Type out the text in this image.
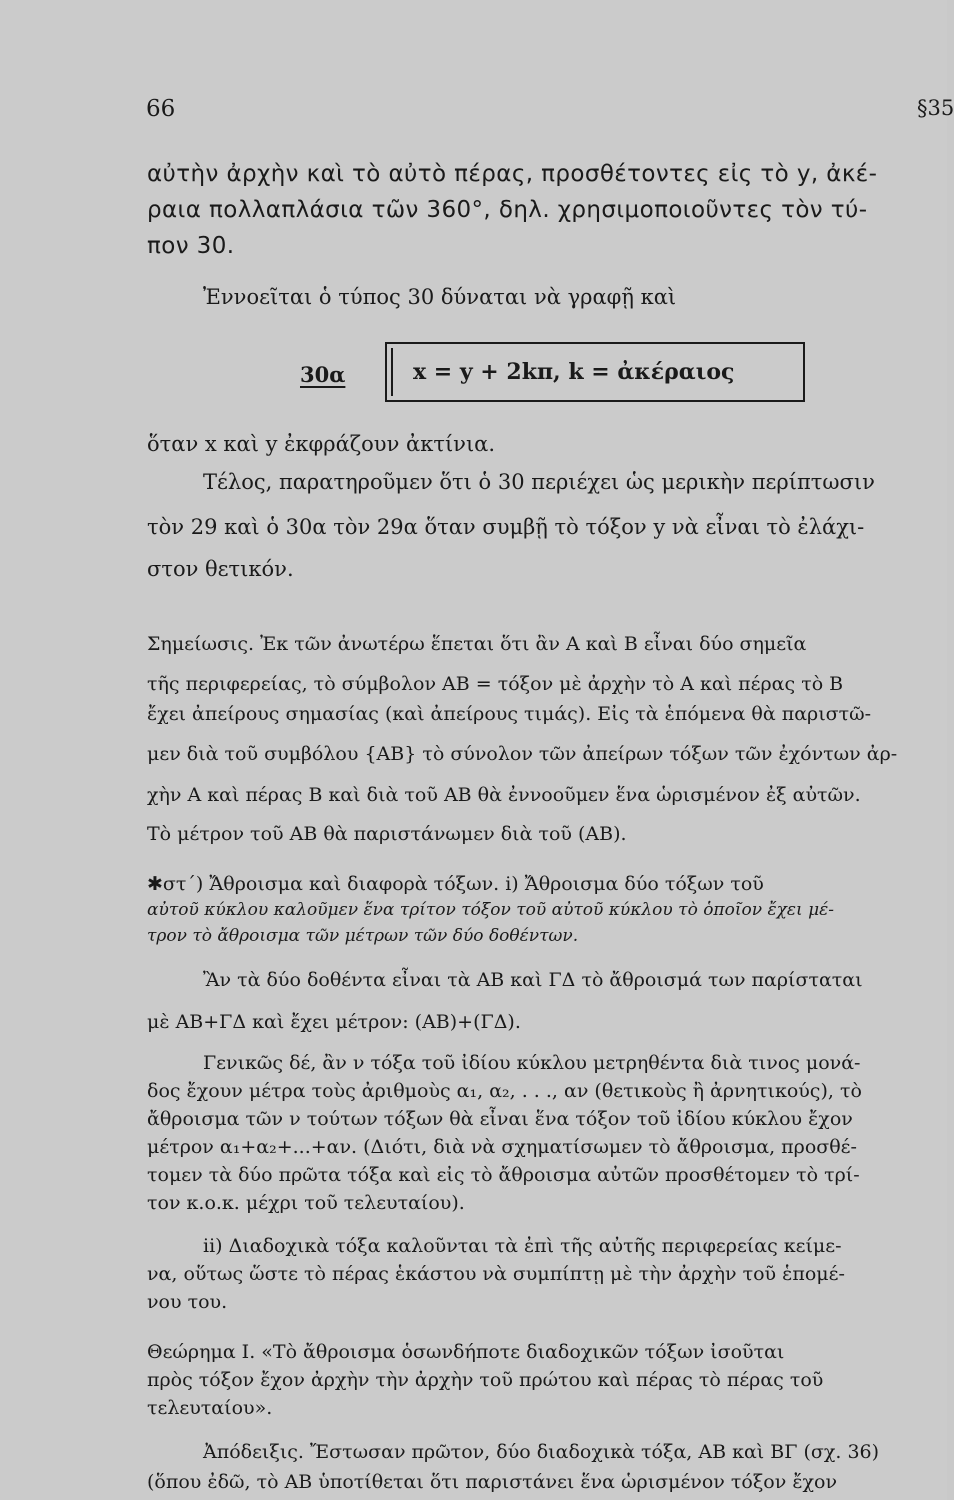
66	§35
αὐτὴν ἀρχὴν καὶ τὸ αὐτὸ πέρας, προσθέτοντες εἰς τὸ y, ἀκέ-
ραια πολλαπλάσια τῶν 360°, δηλ. χρησιμοποιοῦντες τὸν τύ-
πον 30.
Ἐννοεῖται ὁ τύπος 30 δύναται νὰ γραφῇ καὶ
30α	x = y + 2kπ, k = ἀκέραιος
ὅταν x καὶ y ἐκφράζουν ἀκτίνια.
Τέλος, παρατηροῦμεν ὅτι ὁ 30 περιέχει ὡς μερικὴν περίπτωσιν
τὸν 29 καὶ ὁ 30α τὸν 29α ὅταν συμβῇ τὸ τόξον y νὰ εἶναι τὸ ἐλάχι-
στον θετικόν.
Σημείωσις. Ἐκ τῶν ἀνωτέρω ἕπεται ὅτι ἂν Α καὶ Β εἶναι δύο σημεῖα
τῆς περιφερείας, τὸ σύμβολον ΑΒ = τόξον μὲ ἀρχὴν τὸ Α καὶ πέρας τὸ Β
ἔχει ἀπείρους σημασίας (καὶ ἀπείρους τιμάς). Εἰς τὰ ἑπόμενα θὰ παριστῶ-
μεν διὰ τοῦ συμβόλου {ΑΒ} τὸ σύνολον τῶν ἀπείρων τόξων τῶν ἐχόντων ἀρ-
χὴν Α καὶ πέρας Β καὶ διὰ τοῦ ΑΒ θὰ ἐννοοῦμεν ἕνα ὡρισμένον ἐξ αὐτῶν.
Τὸ μέτρον τοῦ ΑΒ θὰ παριστάνωμεν διὰ τοῦ (ΑΒ).
✱στ΄) Ἄθροισμα καὶ διαφορὰ τόξων. i) Ἄθροισμα δύο τόξων τοῦ
αὐτοῦ κύκλου καλοῦμεν ἕνα τρίτον τόξον τοῦ αὐτοῦ κύκλου τὸ ὁποῖον ἔχει μέ-
τρον τὸ ἄθροισμα τῶν μέτρων τῶν δύο δοθέντων.
Ἂν τὰ δύο δοθέντα εἶναι τὰ ΑΒ καὶ ΓΔ τὸ ἄθροισμά των παρίσταται
μὲ ΑΒ+ΓΔ καὶ ἔχει μέτρον: (ΑΒ)+(ΓΔ).
Γενικῶς δέ, ἂν ν τόξα τοῦ ἰδίου κύκλου μετρηθέντα διὰ τινος μονά-
δος ἔχουν μέτρα τοὺς ἀριθμοὺς α₁, α₂, . . ., αν (θετικοὺς ἢ ἀρνητικούς), τὸ
ἄθροισμα τῶν ν τούτων τόξων θὰ εἶναι ἕνα τόξον τοῦ ἰδίου κύκλου ἔχον
μέτρον α₁+α₂+...+αν. (Διότι, διὰ νὰ σχηματίσωμεν τὸ ἄθροισμα, προσθέ-
τομεν τὰ δύο πρῶτα τόξα καὶ εἰς τὸ ἄθροισμα αὐτῶν προσθέτομεν τὸ τρί-
τον κ.ο.κ. μέχρι τοῦ τελευταίου).
ii) Διαδοχικὰ τόξα καλοῦνται τὰ ἐπὶ τῆς αὐτῆς περιφερείας κείμε-
να, οὕτως ὥστε τὸ πέρας ἑκάστου νὰ συμπίπτῃ μὲ τὴν ἀρχὴν τοῦ ἑπομέ-
νου του.
Θεώρημα I. «Τὸ ἄθροισμα ὁσωνδήποτε διαδοχικῶν τόξων ἰσοῦται
πρὸς τόξον ἔχον ἀρχὴν τὴν ἀρχὴν τοῦ πρώτου καὶ πέρας τὸ πέρας τοῦ
τελευταίου».
Ἀπόδειξις. Ἔστωσαν πρῶτον, δύο διαδοχικὰ τόξα, ΑΒ καὶ ΒΓ (σχ. 36)
(ὅπου ἐδῶ, τὸ ΑΒ ὑποτίθεται ὅτι παριστάνει ἕνα ὡρισμένον τόξον ἔχον
